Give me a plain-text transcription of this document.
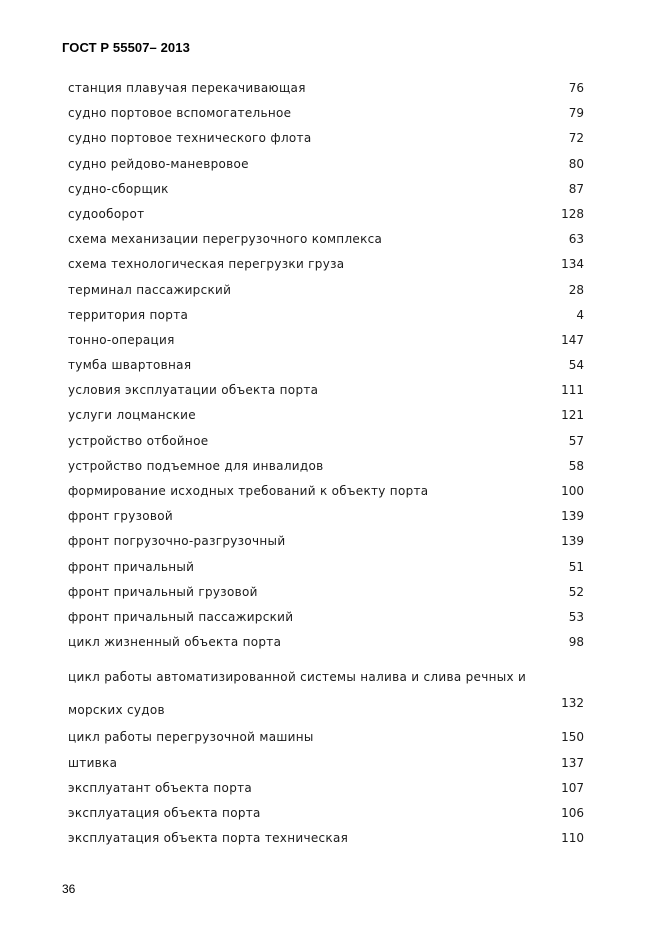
ГОСТ Р 55507– 2013
станция плавучая перекачивающая	76
судно портовое вспомогательное	79
судно портовое технического флота	72
судно рейдово-маневровое	80
судно-сборщик	87
судооборот	128
схема механизации перегрузочного комплекса	63
схема технологическая перегрузки груза	134
терминал пассажирский	28
территория порта	4
тонно-операция	147
тумба швартовная	54
условия эксплуатации объекта порта	111
услуги лоцманские	121
устройство отбойное	57
устройство подъемное для инвалидов	58
формирование исходных требований к объекту порта	100
фронт грузовой	139
фронт погрузочно-разгрузочный	139
фронт причальный	51
фронт причальный грузовой	52
фронт причальный пассажирский	53
цикл жизненный объекта порта	98
цикл работы автоматизированной системы налива и слива речных и морских судов	132
цикл работы перегрузочной машины	150
штивка	137
эксплуатант объекта порта	107
эксплуатация объекта порта	106
эксплуатация объекта порта техническая	110
36
